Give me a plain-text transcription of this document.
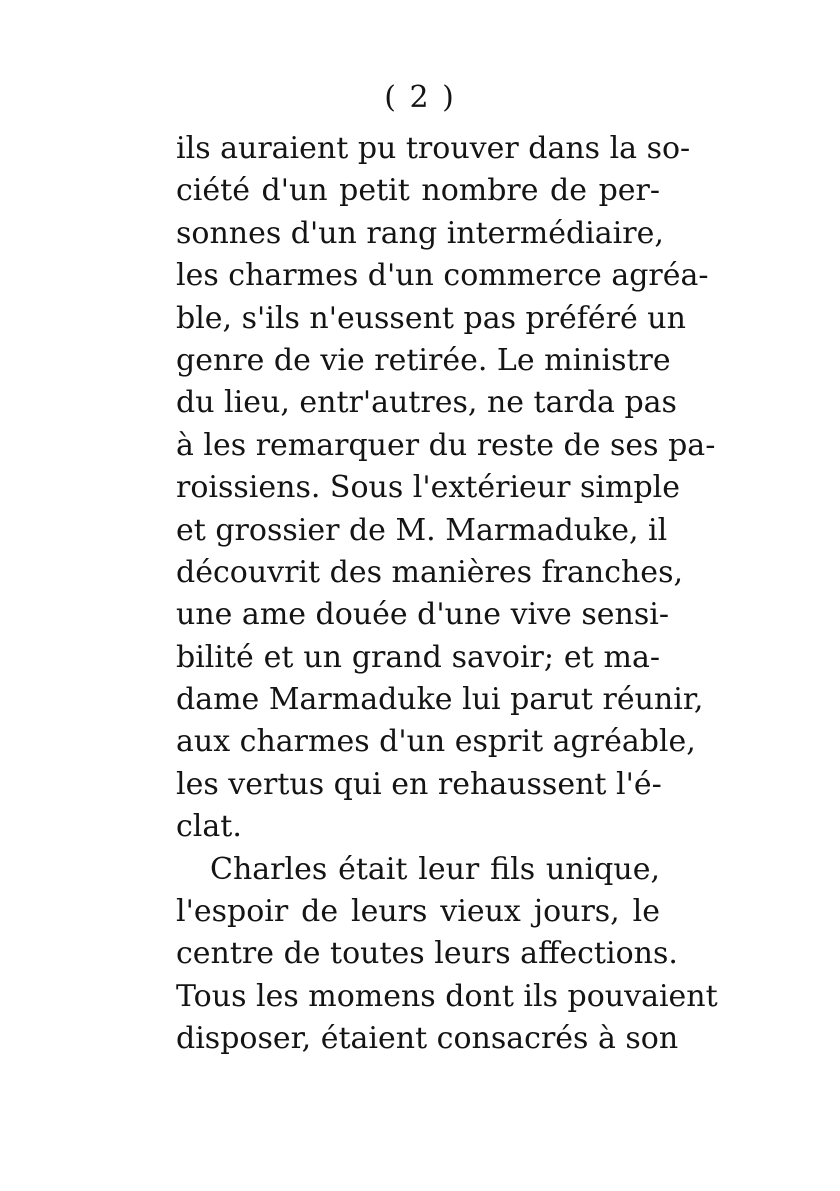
( 2 )
ils auraient pu trouver dans la so-
ciété d'un petit nombre de per-
sonnes d'un rang intermédiaire,
les charmes d'un commerce agréa-
ble, s'ils n'eussent pas préféré un
genre de vie retirée. Le ministre
du lieu, entr'autres, ne tarda pas
à les remarquer du reste de ses pa-
roissiens. Sous l'extérieur simple
et grossier de M. Marmaduke, il
découvrit des manières franches,
une ame douée d'une vive sensi-
bilité et un grand savoir; et ma-
dame Marmaduke lui parut réunir,
aux charmes d'un esprit agréable,
les vertus qui en rehaussent l'é-
clat.
Charles était leur fils unique,
l'espoir de leurs vieux jours, le
centre de toutes leurs affections.
Tous les momens dont ils pouvaient
disposer, étaient consacrés à son
